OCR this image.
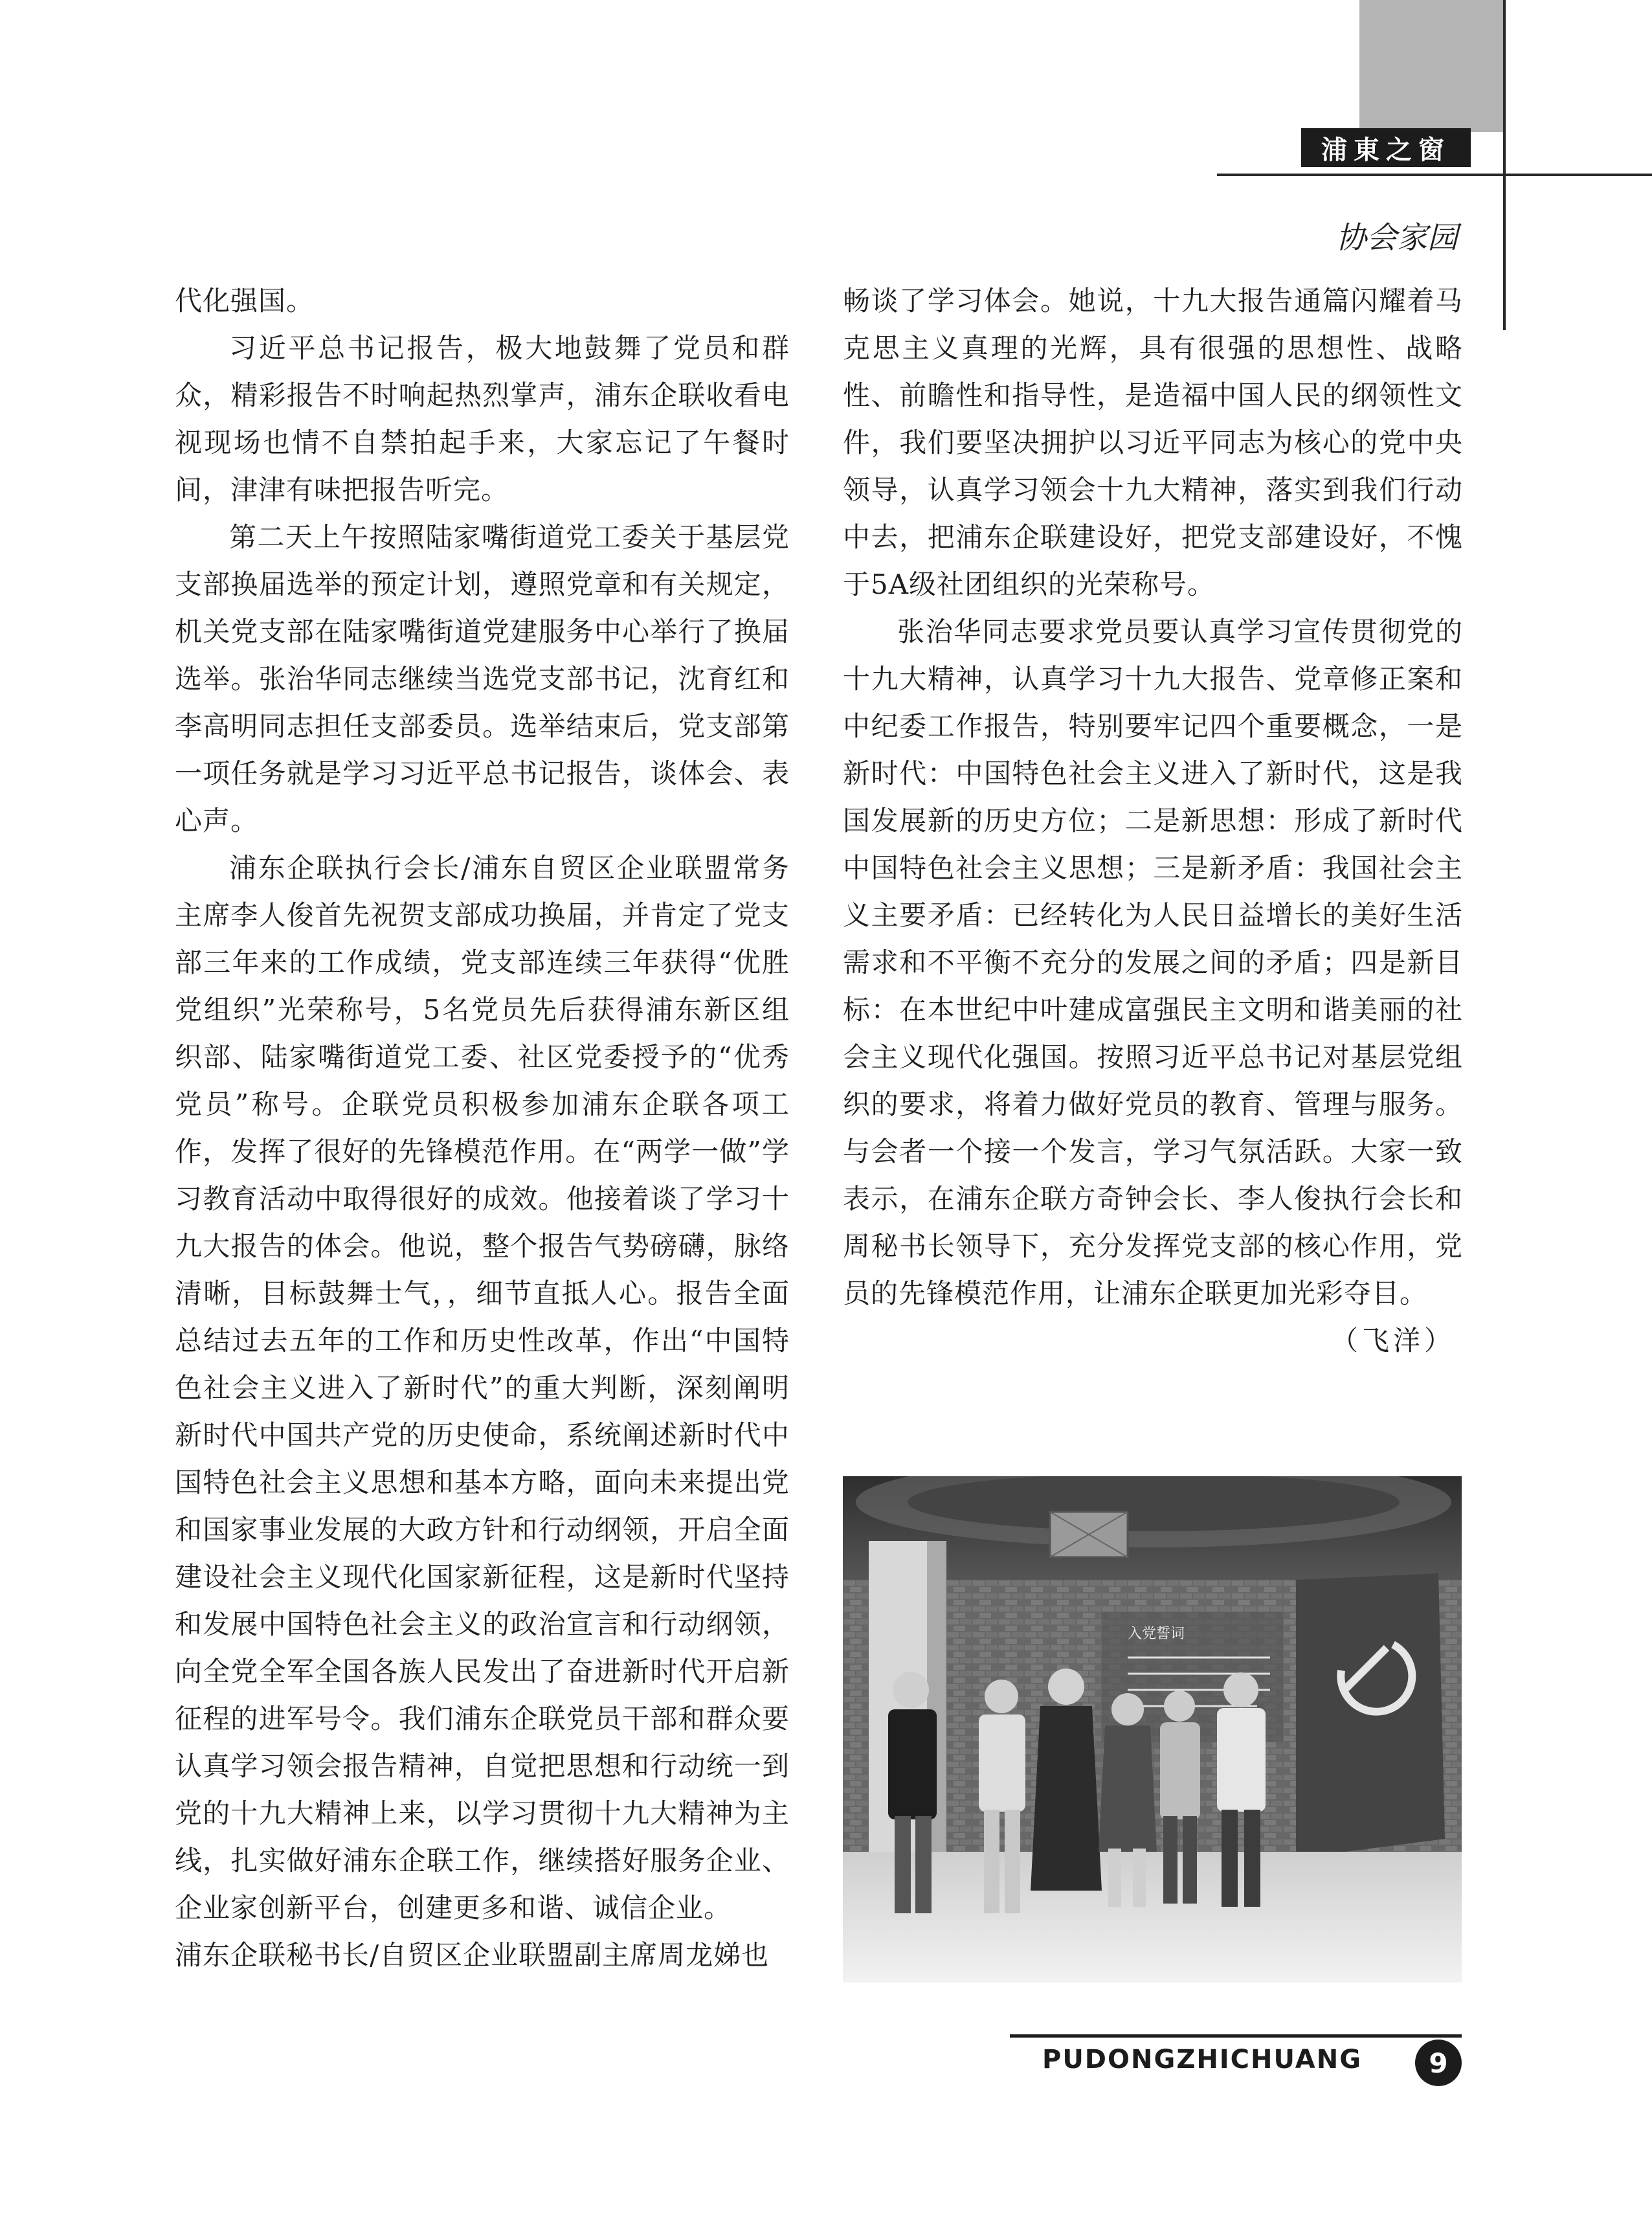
浦東之窗
协会家园

代化强国。

习近平总书记报告，极大地鼓舞了党员和群众，精彩报告不时响起热烈掌声，浦东企联收看电视现场也情不自禁拍起手来，大家忘记了午餐时间，津津有味把报告听完。

第二天上午按照陆家嘴街道党工委关于基层党支部换届选举的预定计划，遵照党章和有关规定，机关党支部在陆家嘴街道党建服务中心举行了换届选举。张治华同志继续当选党支部书记，沈育红和李高明同志担任支部委员。选举结束后，党支部第一项任务就是学习习近平总书记报告，谈体会、表心声。

浦东企联执行会长/浦东自贸区企业联盟常务主席李人俊首先祝贺支部成功换届，并肯定了党支部三年来的工作成绩，党支部连续三年获得“优胜党组织”光荣称号，5名党员先后获得浦东新区组织部、陆家嘴街道党工委、社区党委授予的“优秀党员”称号。企联党员积极参加浦东企联各项工作，发挥了很好的先锋模范作用。在“两学一做”学习教育活动中取得很好的成效。他接着谈了学习十九大报告的体会。他说，整个报告气势磅礴，脉络清晰，目标鼓舞士气，，细节直抵人心。报告全面总结过去五年的工作和历史性改革，作出“中国特色社会主义进入了新时代”的重大判断，深刻阐明新时代中国共产党的历史使命，系统阐述新时代中国特色社会主义思想和基本方略，面向未来提出党和国家事业发展的大政方针和行动纲领，开启全面建设社会主义现代化国家新征程，这是新时代坚持和发展中国特色社会主义的政治宣言和行动纲领，向全党全军全国各族人民发出了奋进新时代开启新征程的进军号令。我们浦东企联党员干部和群众要认真学习领会报告精神，自觉把思想和行动统一到党的十九大精神上来，以学习贯彻十九大精神为主线，扎实做好浦东企联工作，继续搭好服务企业、企业家创新平台，创建更多和谐、诚信企业。

浦东企联秘书长/自贸区企业联盟副主席周龙娣也

畅谈了学习体会。她说，十九大报告通篇闪耀着马克思主义真理的光辉，具有很强的思想性、战略性、前瞻性和指导性，是造福中国人民的纲领性文件，我们要坚决拥护以习近平同志为核心的党中央领导，认真学习领会十九大精神，落实到我们行动中去，把浦东企联建设好，把党支部建设好，不愧于5A级社团组织的光荣称号。

张治华同志要求党员要认真学习宣传贯彻党的十九大精神，认真学习十九大报告、党章修正案和中纪委工作报告，特别要牢记四个重要概念，一是新时代：中国特色社会主义进入了新时代，这是我国发展新的历史方位；二是新思想：形成了新时代中国特色社会主义思想；三是新矛盾：我国社会主义主要矛盾：已经转化为人民日益增长的美好生活需求和不平衡不充分的发展之间的矛盾；四是新目标：在本世纪中叶建成富强民主文明和谐美丽的社会主义现代化强国。按照习近平总书记对基层党组织的要求，将着力做好党员的教育、管理与服务。与会者一个接一个发言，学习气氛活跃。大家一致表示，在浦东企联方奇钟会长、李人俊执行会长和周秘书长领导下，充分发挥党支部的核心作用，党员的先锋模范作用，让浦东企联更加光彩夺目。

（飞洋）

入党誓词
PUDONGZHICHUANG	9
